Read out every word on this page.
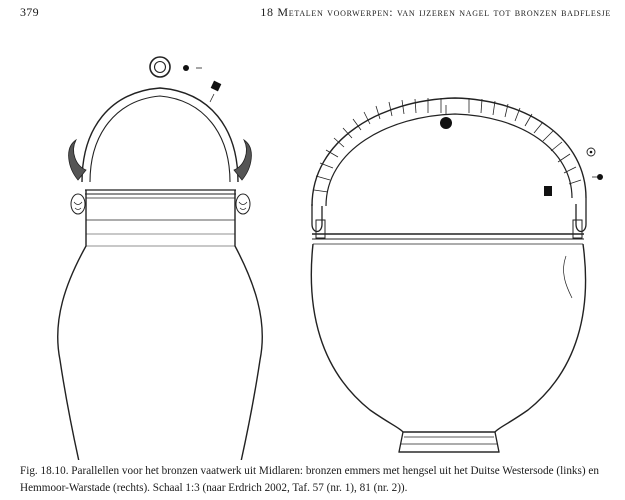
379	18 Metalen voorwerpen: van ijzeren nagel tot bronzen badflesje
Fig. 18.10. Parallellen voor het bronzen vaatwerk uit Midlaren: bronzen emmers met hengsel uit het Duitse Westersode (links) en Hemmoor-Warstade (rechts). Schaal 1:3 (naar Erdrich 2002, Taf. 57 (nr. 1), 81 (nr. 2)).
